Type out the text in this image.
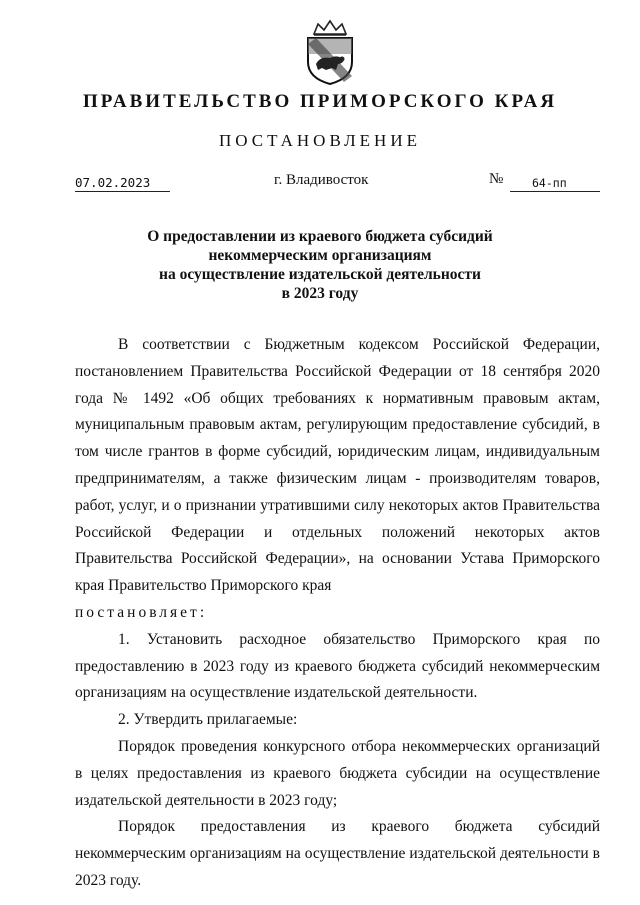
ПРАВИТЕЛЬСТВО ПРИМОРСКОГО КРАЯ
ПОСТАНОВЛЕНИЕ
07.02.2023	г. Владивосток	№	64-пп
О предоставлении из краевого бюджета субсидий
некоммерческим организациям
на осуществление издательской деятельности
в 2023 году

В соответствии с Бюджетным кодексом Российской Федерации, постановлением Правительства Российской Федерации от 18 сентября 2020 года № 1492 «Об общих требованиях к нормативным правовым актам, муниципальным правовым актам, регулирующим предоставление субсидий, в том числе грантов в форме субсидий, юридическим лицам, индивидуальным предпринимателям, а также физическим лицам - производителям товаров, работ, услуг, и о признании утратившими силу некоторых актов Правительства Российской Федерации и отдельных положений некоторых актов Правительства Российской Федерации», на основании Устава Приморского края Правительство Приморского края

постановляет:

1. Установить расходное обязательство Приморского края по предоставлению в 2023 году из краевого бюджета субсидий некоммерческим организациям на осуществление издательской деятельности.

2. Утвердить прилагаемые:

Порядок проведения конкурсного отбора некоммерческих организаций в целях предоставления из краевого бюджета субсидии на осуществление издательской деятельности в 2023 году;

Порядок предоставления из краевого бюджета субсидий некоммерческим организациям на осуществление издательской деятельности в 2023 году.
